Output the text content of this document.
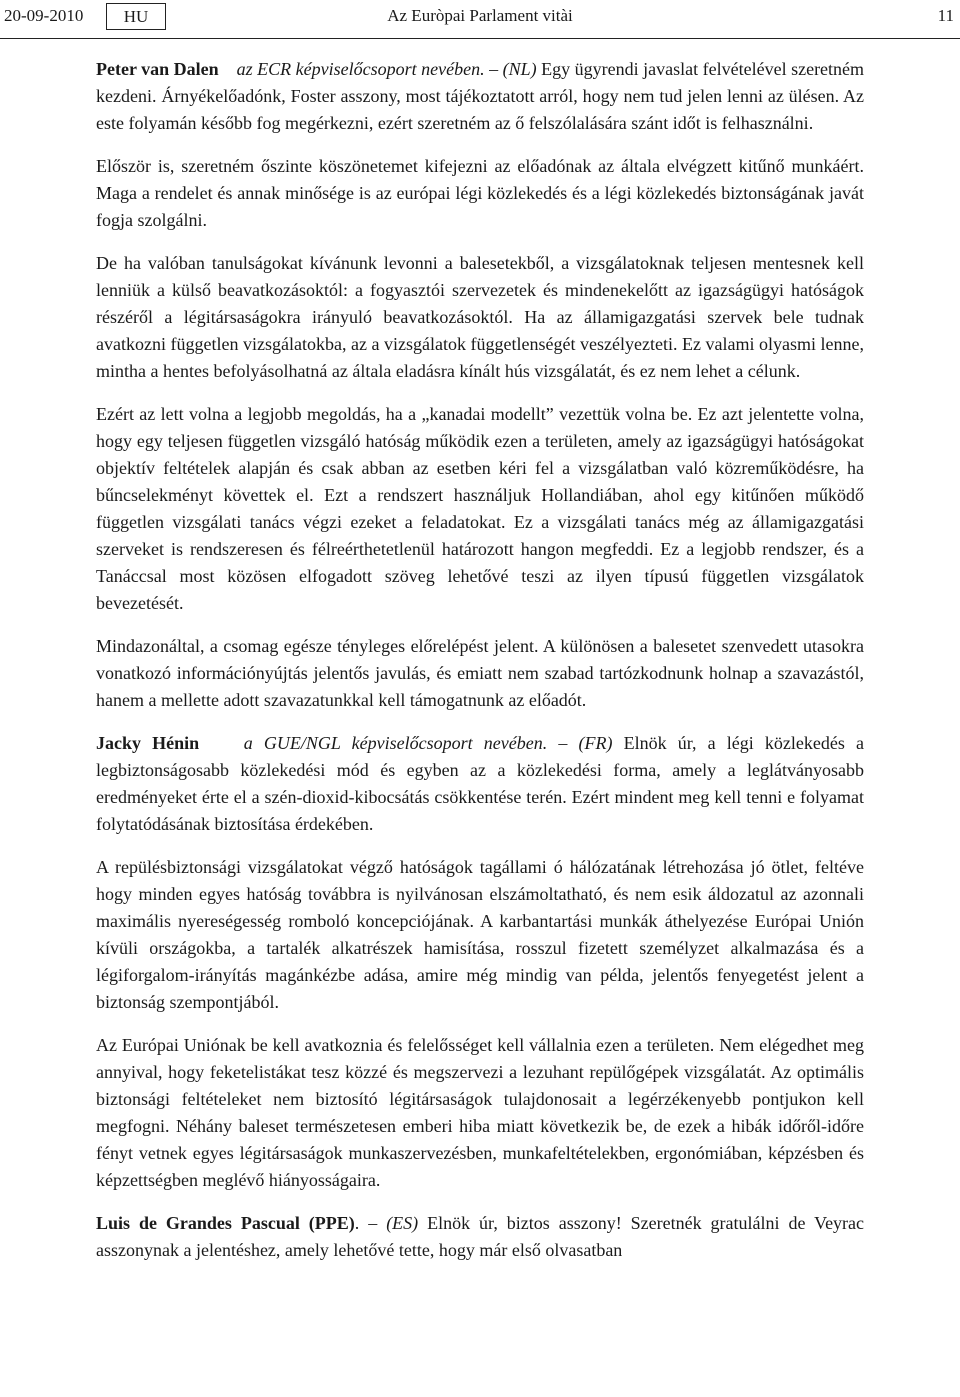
20-09-2010	HU	Az Euròpai Parlament vitài	11

Peter van Dalen az ECR képviselőcsoport nevében. – (NL) Egy ügyrendi javaslat felvételével szeretném kezdeni. Árnyékelőadónk, Foster asszony, most tájékoztatott arról, hogy nem tud jelen lenni az ülésen. Az este folyamán később fog megérkezni, ezért szeretném az ő felszólalására szánt időt is felhasználni.

Először is, szeretném őszinte köszönetemet kifejezni az előadónak az általa elvégzett kitűnő munkáért. Maga a rendelet és annak minősége is az európai légi közlekedés és a légi közlekedés biztonságának javát fogja szolgálni.

De ha valóban tanulságokat kívánunk levonni a balesetekből, a vizsgálatoknak teljesen mentesnek kell lenniük a külső beavatkozásoktól: a fogyasztói szervezetek és mindenekelőtt az igazságügyi hatóságok részéről a légitársaságokra irányuló beavatkozásoktól. Ha az államigazgatási szervek bele tudnak avatkozni független vizsgálatokba, az a vizsgálatok függetlenségét veszélyezteti. Ez valami olyasmi lenne, mintha a hentes befolyásolhatná az általa eladásra kínált hús vizsgálatát, és ez nem lehet a célunk.

Ezért az lett volna a legjobb megoldás, ha a „kanadai modellt” vezettük volna be. Ez azt jelentette volna, hogy egy teljesen független vizsgáló hatóság működik ezen a területen, amely az igazságügyi hatóságokat objektív feltételek alapján és csak abban az esetben kéri fel a vizsgálatban való közreműködésre, ha bűncselekményt követtek el. Ezt a rendszert használjuk Hollandiában, ahol egy kitűnően működő független vizsgálati tanács végzi ezeket a feladatokat. Ez a vizsgálati tanács még az államigazgatási szerveket is rendszeresen és félreérthetetlenül határozott hangon megfeddi. Ez a legjobb rendszer, és a Tanáccsal most közösen elfogadott szöveg lehetővé teszi az ilyen típusú független vizsgálatok bevezetését.

Mindazonáltal, a csomag egésze tényleges előrelépést jelent. A különösen a balesetet szenvedett utasokra vonatkozó információnyújtás jelentős javulás, és emiatt nem szabad tartózkodnunk holnap a szavazástól, hanem a mellette adott szavazatunkkal kell támogatnunk az előadót.

Jacky Hénin a GUE/NGL képviselőcsoport nevében. – (FR) Elnök úr, a légi közlekedés a legbiztonságosabb közlekedési mód és egyben az a közlekedési forma, amely a leglátványosabb eredményeket érte el a szén-dioxid-kibocsátás csökkentése terén. Ezért mindent meg kell tenni e folyamat folytatódásának biztosítása érdekében.

A repülésbiztonsági vizsgálatokat végző hatóságok tagállami ó hálózatának létrehozása jó ötlet, feltéve hogy minden egyes hatóság továbbra is nyilvánosan elszámoltatható, és nem esik áldozatul az azonnali maximális nyereségesség romboló koncepciójának. A karbantartási munkák áthelyezése Európai Unión kívüli országokba, a tartalék alkatrészek hamisítása, rosszul fizetett személyzet alkalmazása és a légiforgalom-irányítás magánkézbe adása, amire még mindig van példa, jelentős fenyegetést jelent a biztonság szempontjából.

Az Európai Uniónak be kell avatkoznia és felelősséget kell vállalnia ezen a területen. Nem elégedhet meg annyival, hogy feketelistákat tesz közzé és megszervezi a lezuhant repülőgépek vizsgálatát. Az optimális biztonsági feltételeket nem biztosító légitársaságok tulajdonosait a legérzékenyebb pontjukon kell megfogni. Néhány baleset természetesen emberi hiba miatt következik be, de ezek a hibák időről-időre fényt vetnek egyes légitársaságok munkaszervezésben, munkafeltételekben, ergonómiában, képzésben és képzettségben meglévő hiányosságaira.

Luis de Grandes Pascual (PPE). – (ES) Elnök úr, biztos asszony! Szeretnék gratulálni de Veyrac asszonynak a jelentéshez, amely lehetővé tette, hogy már első olvasatban
